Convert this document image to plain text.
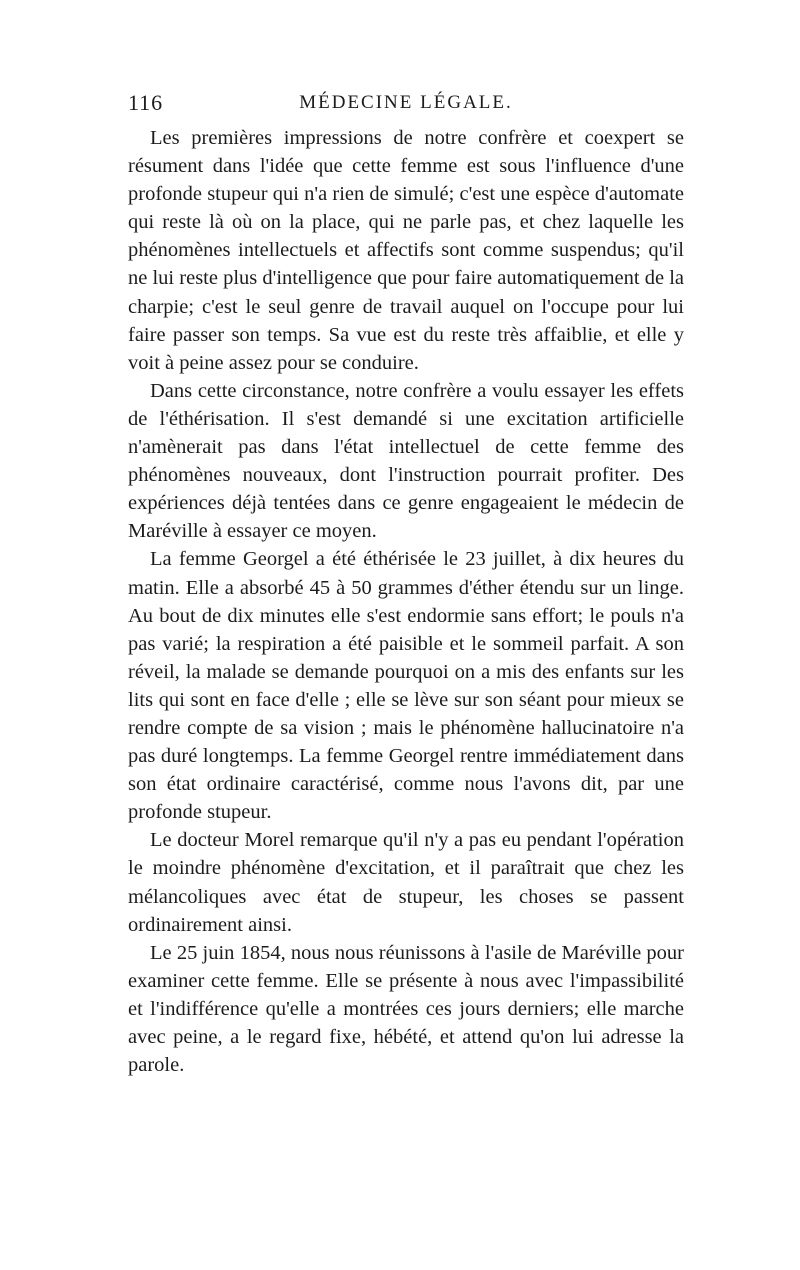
116	MÉDECINE LÉGALE.

Les premières impressions de notre confrère et coexpert se résument dans l'idée que cette femme est sous l'influence d'une profonde stupeur qui n'a rien de simulé; c'est une espèce d'automate qui reste là où on la place, qui ne parle pas, et chez laquelle les phénomènes intellectuels et affectifs sont comme suspendus; qu'il ne lui reste plus d'intelligence que pour faire automatiquement de la charpie; c'est le seul genre de travail auquel on l'occupe pour lui faire passer son temps. Sa vue est du reste très affaiblie, et elle y voit à peine assez pour se conduire.

Dans cette circonstance, notre confrère a voulu essayer les effets de l'éthérisation. Il s'est demandé si une excitation artificielle n'amènerait pas dans l'état intellectuel de cette femme des phénomènes nouveaux, dont l'instruction pourrait profiter. Des expériences déjà tentées dans ce genre engageaient le médecin de Maréville à essayer ce moyen.

La femme Georgel a été éthérisée le 23 juillet, à dix heures du matin. Elle a absorbé 45 à 50 grammes d'éther étendu sur un linge. Au bout de dix minutes elle s'est endormie sans effort; le pouls n'a pas varié; la respiration a été paisible et le sommeil parfait. A son réveil, la malade se demande pourquoi on a mis des enfants sur les lits qui sont en face d'elle ; elle se lève sur son séant pour mieux se rendre compte de sa vision ; mais le phénomène hallucinatoire n'a pas duré longtemps. La femme Georgel rentre immédiatement dans son état ordinaire caractérisé, comme nous l'avons dit, par une profonde stupeur.

Le docteur Morel remarque qu'il n'y a pas eu pendant l'opération le moindre phénomène d'excitation, et il paraîtrait que chez les mélancoliques avec état de stupeur, les choses se passent ordinairement ainsi.

Le 25 juin 1854, nous nous réunissons à l'asile de Maréville pour examiner cette femme. Elle se présente à nous avec l'impassibilité et l'indifférence qu'elle a montrées ces jours derniers; elle marche avec peine, a le regard fixe, hébété, et attend qu'on lui adresse la parole.
